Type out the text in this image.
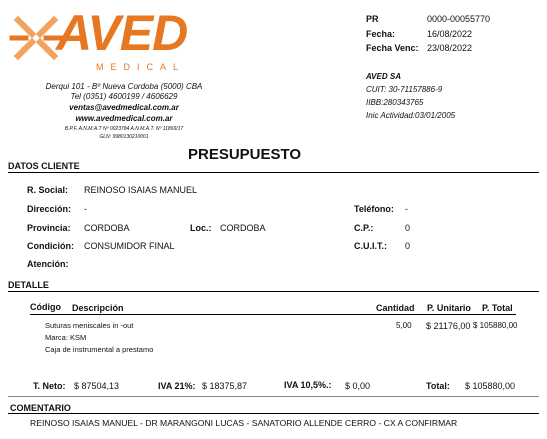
AVED
MEDICAL
Derqui 101 - Bº Nueva Cordoba (5000) CBA
Tel (0351) 4600199 / 4606629
ventas@avedmedical.com.ar
www.avedmedical.com.ar
B.P.F. A.N.M.A.T Nº 0023784 A.N.M.A.T. Nº 11869/17
GLN: 9980130210001
PR	0000-00055770
Fecha:	16/08/2022
Fecha Venc: 23/08/2022
AVED SA
CUIT: 30-71157886-9
IIBB:280343765
Inic Actividad:03/01/2005
PRESUPUESTO
DATOS CLIENTE
R. Social: REINOSO ISAIAS MANUEL
Dirección: -	Teléfono: -
Provincia: CORDOBA	Loc.: CORDOBA	C.P.:	0
Condición: CONSUMIDOR FINAL	C.U.I.T.: 0
Atención:
DETALLE
Código Descripción	Cantidad P. Unitario P. Total
Suturas meniscales in -out
Marca: KSM
Caja de instrumental a prestamo
5,00 $ 21176,00 $ 105880,00
T. Neto: $ 87504,13	IVA 21%: $ 18375,87	IVA 10,5%.: $ 0,00	Total: $ 105880,00
COMENTARIO
REINOSO ISAIAS MANUEL - DR MARANGONI LUCAS - SANATORIO ALLENDE CERRO - CX A CONFIRMAR
